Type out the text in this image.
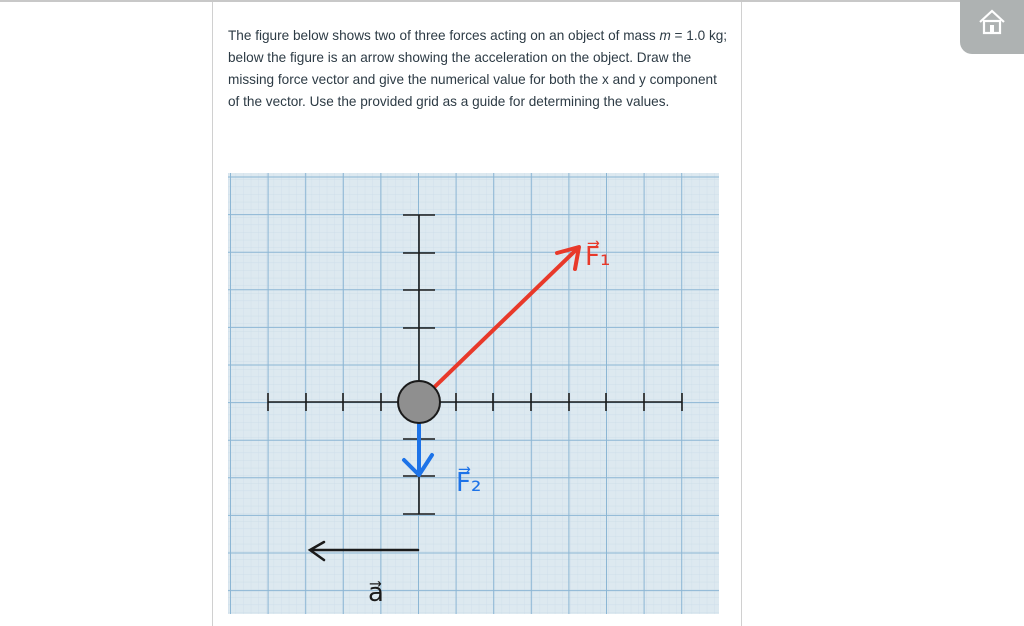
The figure below shows two of three forces acting on an object of mass m = 1.0 kg; below the figure is an arrow showing the acceleration on the object. Draw the missing force vector and give the numerical value for both the x and y component of the vector. Use the provided grid as a guide for determining the values.

F⃗₁
F⃗₂
a⃗
